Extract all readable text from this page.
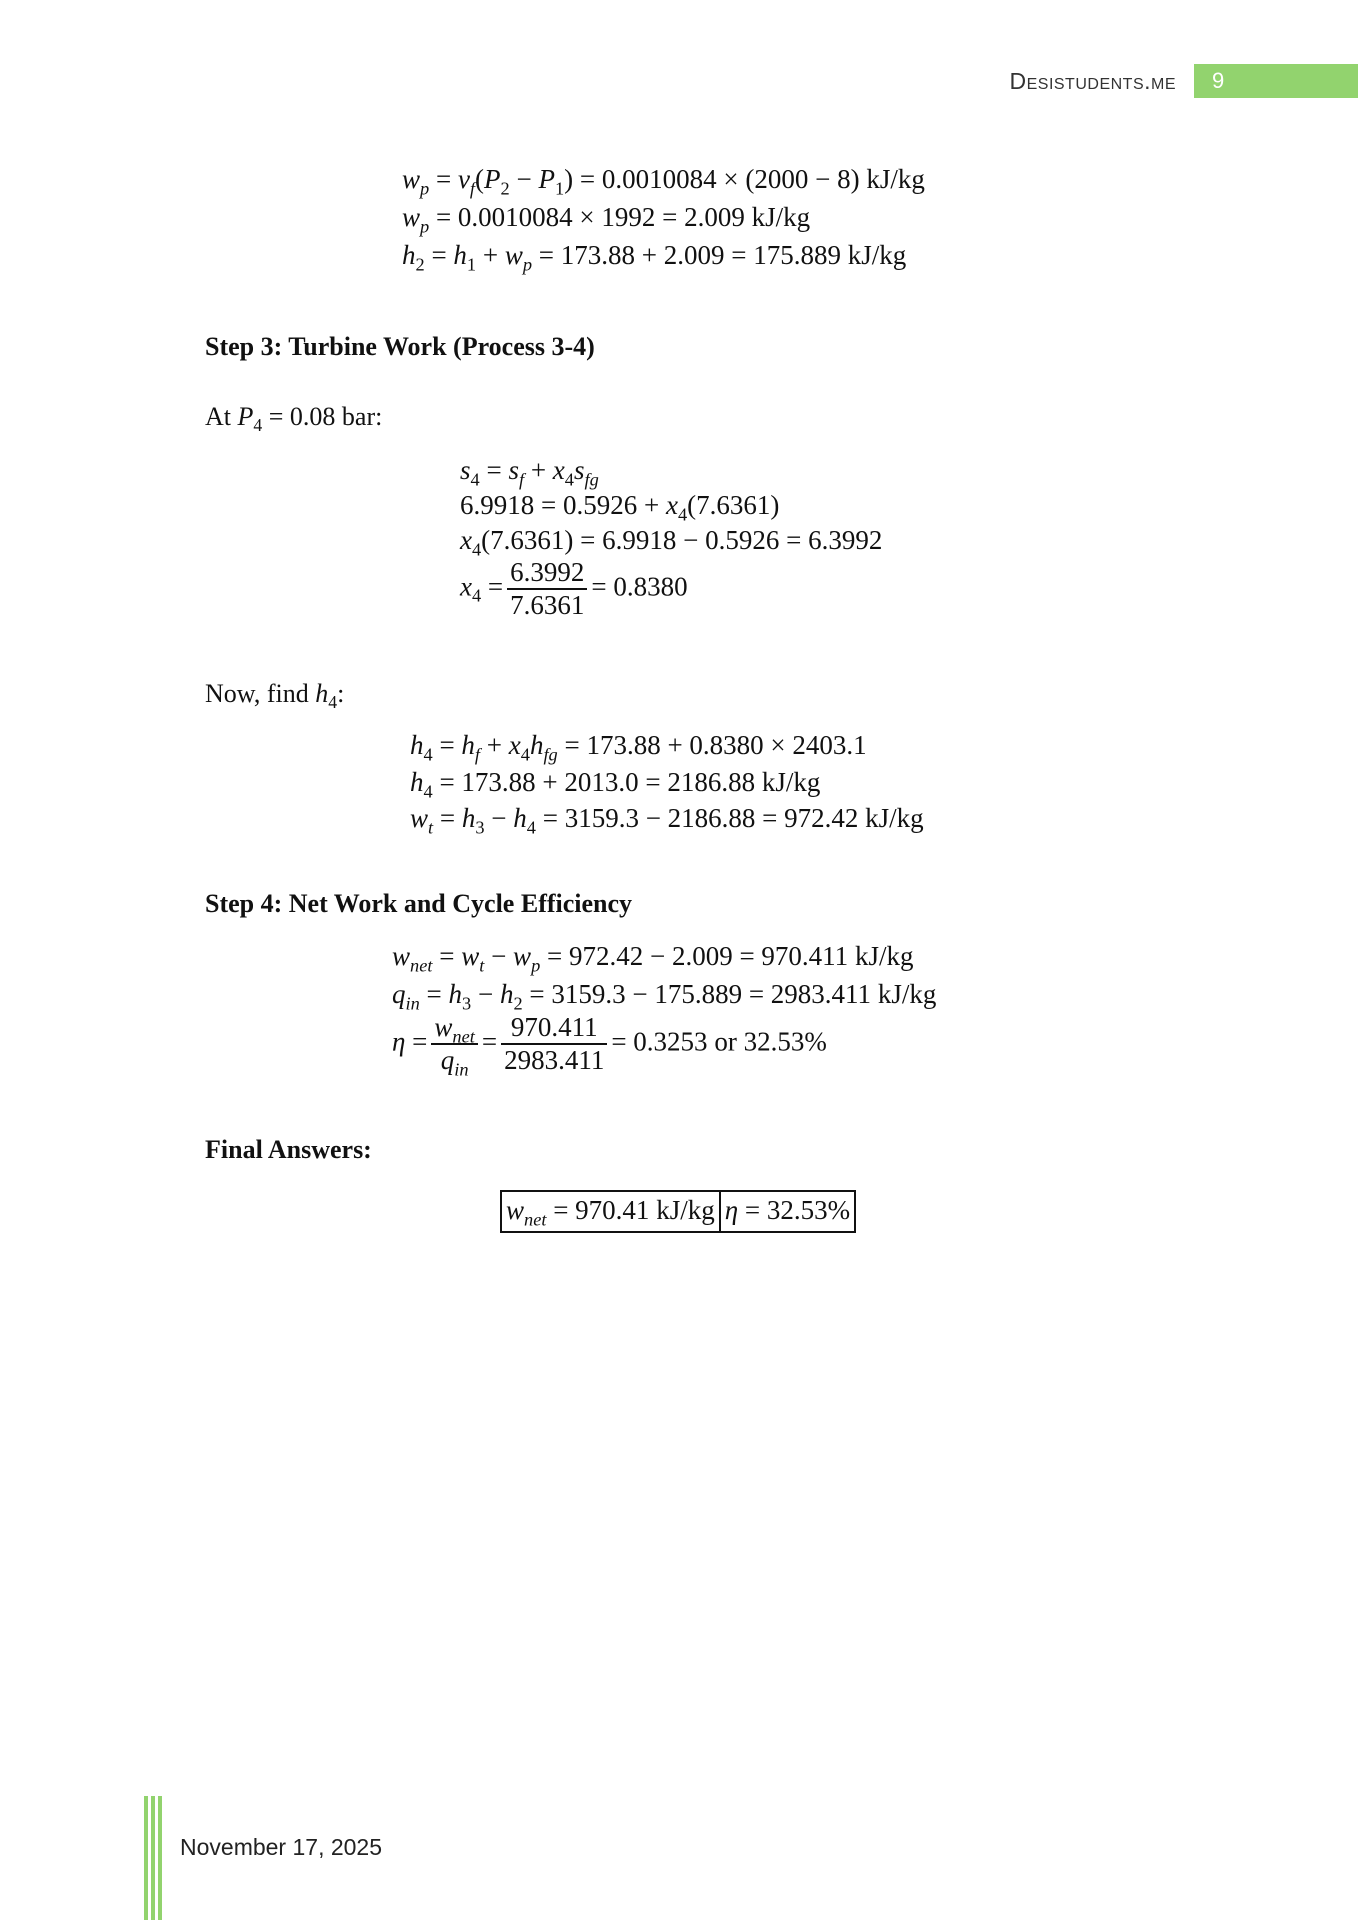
Desistudents.me	9
$w_p = v_f(P_2 - P_1) = 0.0010084 \times (2000 - 8)$ kJ/kg
$w_p = 0.0010084 \times 1992 = 2.009$ kJ/kg
$h_2 = h_1 + w_p = 173.88 + 2.009 = 175.889$ kJ/kg
Step 3: Turbine Work (Process 3-4)
At $P_4 = 0.08$ bar:
$s_4 = s_f + x_4s_{fg}$
$6.9918 = 0.5926 + x_4(7.6361)$
$x_4(7.6361) = 6.9918 - 0.5926 = 6.3992$
$x_4 = \frac{6.3992}{7.6361} = 0.8380$
Now, find $h_4$:
$h_4 = h_f + x_4h_{fg} = 173.88 + 0.8380 \times 2403.1$
$h_4 = 173.88 + 2013.0 = 2186.88$ kJ/kg
$w_t = h_3 - h_4 = 3159.3 - 2186.88 = 972.42$ kJ/kg
Step 4: Net Work and Cycle Efficiency
$w_{net} = w_t - w_p = 972.42 - 2.009 = 970.411$ kJ/kg
$q_{in} = h_3 - h_2 = 3159.3 - 175.889 = 2983.411$ kJ/kg
$\eta = \frac{w_{net}}{q_{in}} = \frac{970.411}{2983.411} = 0.3253$ or 32.53%
Final Answers:
$w_{net} = 970.41$ kJ/kg η = 32.53%
November 17, 2025
